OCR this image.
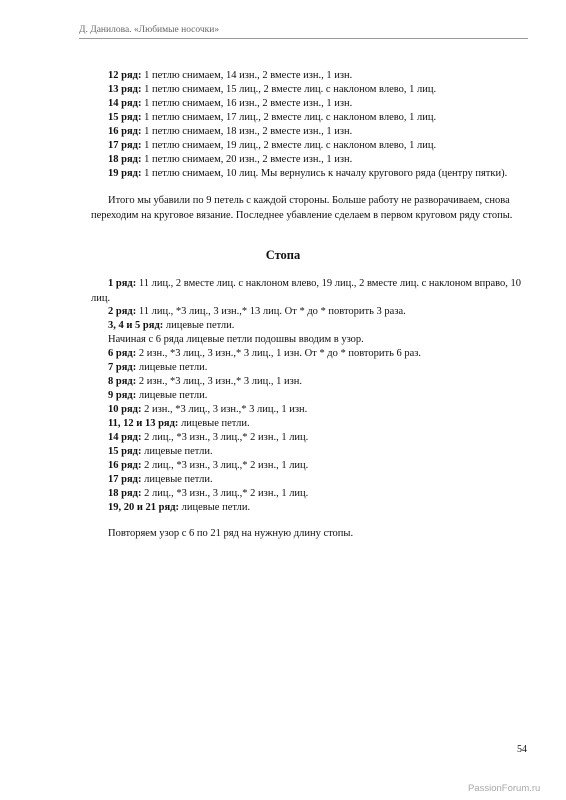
Д. Данилова. «Любимые носочки»
12 ряд: 1 петлю снимаем, 14 изн., 2 вместе изн., 1 изн.
13 ряд: 1 петлю снимаем, 15 лиц., 2 вместе лиц. с наклоном влево, 1 лиц.
14 ряд: 1 петлю снимаем, 16 изн., 2 вместе изн., 1 изн.
15 ряд: 1 петлю снимаем, 17 лиц., 2 вместе лиц. с наклоном влево, 1 лиц.
16 ряд: 1 петлю снимаем, 18 изн., 2 вместе изн., 1 изн.
17 ряд: 1 петлю снимаем, 19 лиц., 2 вместе лиц. с наклоном влево, 1 лиц.
18 ряд: 1 петлю снимаем, 20 изн., 2 вместе изн., 1 изн.
19 ряд: 1 петлю снимаем, 10 лиц. Мы вернулись к началу кругового ряда (центру пятки).
Итого мы убавили по 9 петель с каждой стороны. Больше работу не разворачиваем, снова переходим на круговое вязание. Последнее убавление сделаем в первом круговом ряду стопы.
Стопа
1 ряд: 11 лиц., 2 вместе лиц. с наклоном влево, 19 лиц., 2 вместе лиц. с наклоном вправо, 10 лиц.
2 ряд: 11 лиц., *3 лиц., 3 изн.,* 13 лиц. От * до * повторить 3 раза.
3, 4 и 5 ряд: лицевые петли.
Начиная с 6 ряда лицевые петли подошвы вводим в узор.
6 ряд: 2 изн., *3 лиц., 3 изн.,* 3 лиц., 1 изн. От * до * повторить 6 раз.
7 ряд: лицевые петли.
8 ряд: 2 изн., *3 лиц., 3 изн.,* 3 лиц., 1 изн.
9 ряд: лицевые петли.
10 ряд: 2 изн., *3 лиц., 3 изн.,* 3 лиц., 1 изн.
11, 12 и 13 ряд: лицевые петли.
14 ряд: 2 лиц., *3 изн., 3 лиц.,* 2 изн., 1 лиц.
15 ряд: лицевые петли.
16 ряд: 2 лиц., *3 изн., 3 лиц.,* 2 изн., 1 лиц.
17 ряд: лицевые петли.
18 ряд: 2 лиц., *3 изн., 3 лиц.,* 2 изн., 1 лиц.
19, 20 и 21 ряд: лицевые петли.
Повторяем узор с 6 по 21 ряд на нужную длину стопы.
54
PassionForum.ru
